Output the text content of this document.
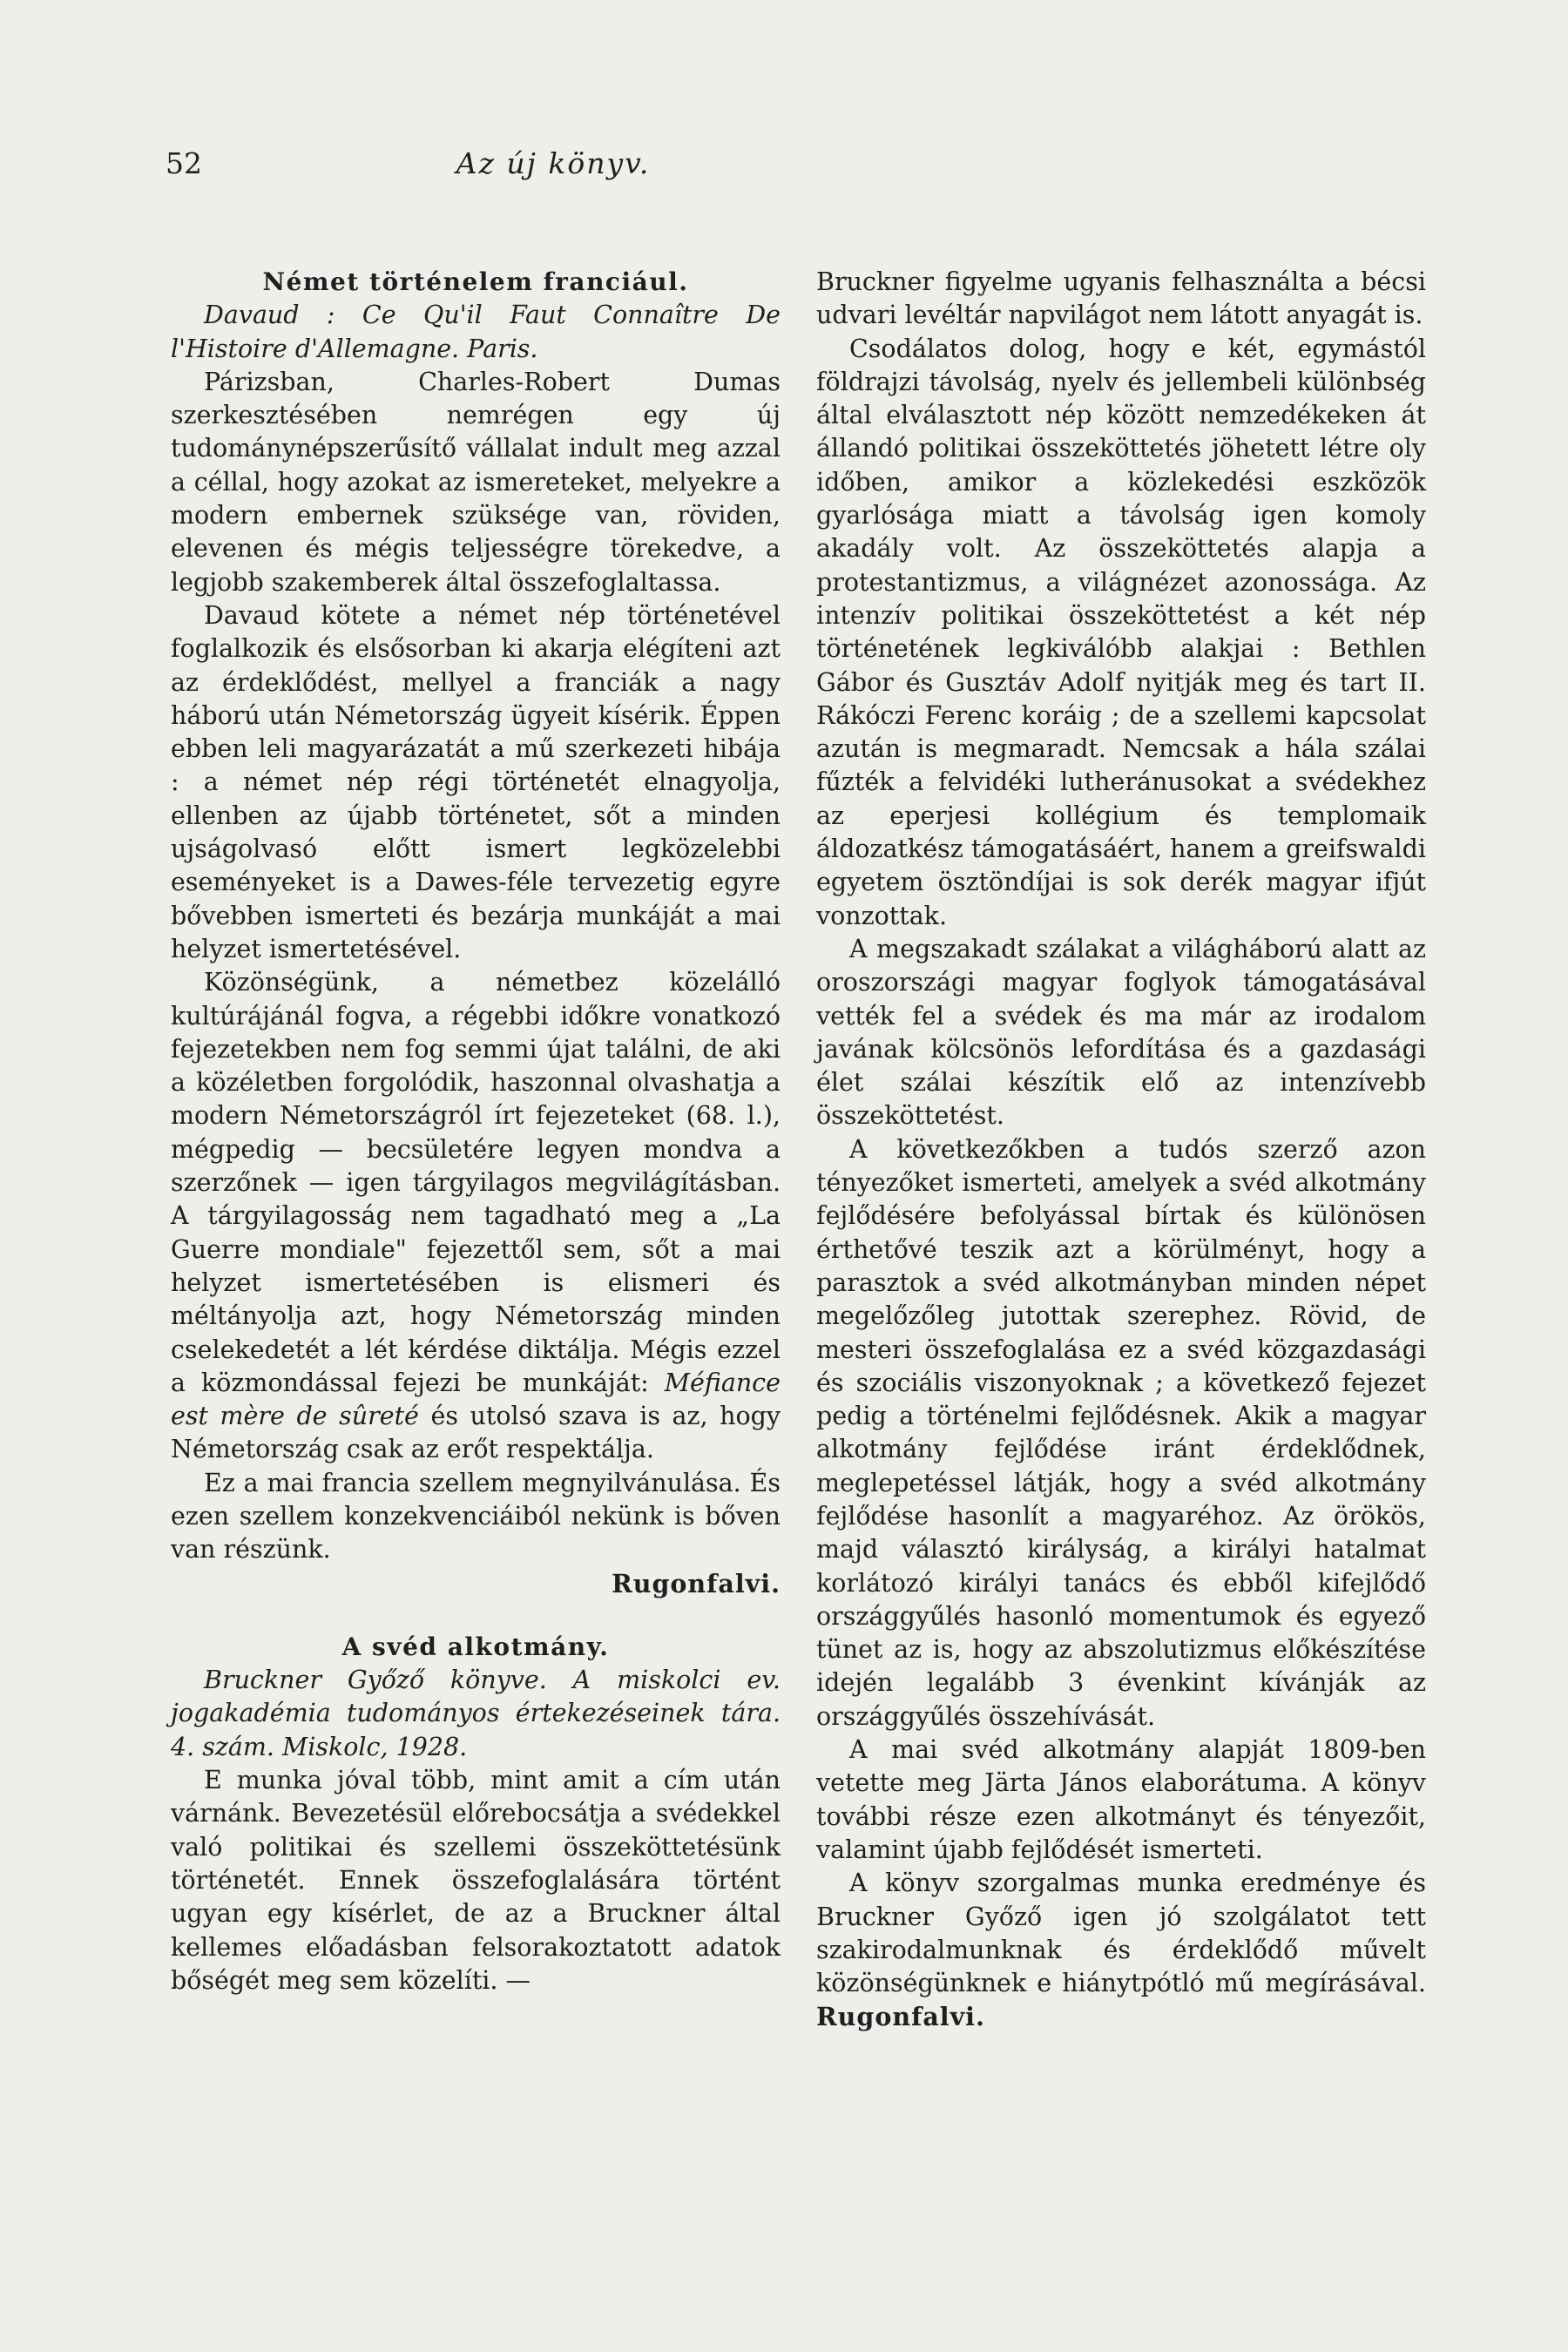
52	Az új könyv.
Német történelem franciául.

Davaud : Ce Qu'il Faut Connaître De l'Histoire d'Allemagne. Paris.

Párizsban, Charles-Robert Dumas szerkesztésében nemrégen egy új tudománynépszerűsítő vállalat indult meg azzal a céllal, hogy azokat az ismereteket, melyekre a modern embernek szüksége van, röviden, elevenen és mégis teljességre törekedve, a legjobb szakemberek által összefoglaltassa.

Davaud kötete a német nép történetével foglalkozik és elsősorban ki akarja elégíteni azt az érdeklődést, mellyel a franciák a nagy háború után Németország ügyeit kísérik. Éppen ebben leli magyarázatát a mű szerkezeti hibája : a német nép régi történetét elnagyolja, ellenben az újabb történetet, sőt a minden ujságolvasó előtt ismert legközelebbi eseményeket is a Dawes-féle tervezetig egyre bővebben ismerteti és bezárja munkáját a mai helyzet ismertetésével.

Közönségünk, a németbez közelálló kultúrájánál fogva, a régebbi időkre vonatkozó fejezetekben nem fog semmi újat találni, de aki a közéletben forgolódik, haszonnal olvashatja a modern Németországról írt fejezeteket (68. l.), mégpedig — becsületére legyen mondva a szerzőnek — igen tárgyilagos megvilágításban. A tárgyilagosság nem tagadható meg a „La Guerre mondiale" fejezettől sem, sőt a mai helyzet ismertetésében is elismeri és méltányolja azt, hogy Németország minden cselekedetét a lét kérdése diktálja. Mégis ezzel a közmondással fejezi be munkáját: Méfiance est mère de sûreté és utolsó szava is az, hogy Németország csak az erőt respektálja.

Ez a mai francia szellem megnyilvánulása. És ezen szellem konzekvenciáiból nekünk is bőven van részünk.

Rugonfalvi.

A svéd alkotmány.

Bruckner Győző könyve. A miskolci ev. jogakadémia tudományos értekezéseinek tára. 4. szám. Miskolc, 1928.

E munka jóval több, mint amit a cím után várnánk. Bevezetésül előrebocsátja a svédekkel való politikai és szellemi összeköttetésünk történetét. Ennek összefoglalására történt ugyan egy kísérlet, de az a Bruckner által kellemes előadásban felsorakoztatott adatok bőségét meg sem közelíti. —

Bruckner figyelme ugyanis felhasználta a bécsi udvari levéltár napvilágot nem látott anyagát is.

Csodálatos dolog, hogy e két, egymástól földrajzi távolság, nyelv és jellembeli különbség által elválasztott nép között nemzedékeken át állandó politikai összeköttetés jöhetett létre oly időben, amikor a közlekedési eszközök gyarlósága miatt a távolság igen komoly akadály volt. Az összeköttetés alapja a protestantizmus, a világnézet azonossága. Az intenzív politikai összeköttetést a két nép történetének legkiválóbb alakjai : Bethlen Gábor és Gusztáv Adolf nyitják meg és tart II. Rákóczi Ferenc koráig ; de a szellemi kapcsolat azután is megmaradt. Nemcsak a hála szálai fűzték a felvidéki lutheránusokat a svédekhez az eperjesi kollégium és templomaik áldozatkész támogatásáért, hanem a greifswaldi egyetem ösztöndíjai is sok derék magyar ifjút vonzottak.

A megszakadt szálakat a világháború alatt az oroszországi magyar foglyok támogatásával vették fel a svédek és ma már az irodalom javának kölcsönös lefordítása és a gazdasági élet szálai készítik elő az intenzívebb összeköttetést.

A következőkben a tudós szerző azon tényezőket ismerteti, amelyek a svéd alkotmány fejlődésére befolyással bírtak és különösen érthetővé teszik azt a körülményt, hogy a parasztok a svéd alkotmányban minden népet megelőzőleg jutottak szerephez. Rövid, de mesteri összefoglalása ez a svéd közgazdasági és szociális viszonyoknak ; a következő fejezet pedig a történelmi fejlődésnek. Akik a magyar alkotmány fejlődése iránt érdeklődnek, meglepetéssel látják, hogy a svéd alkotmány fejlődése hasonlít a magyaréhoz. Az örökös, majd választó királyság, a királyi hatalmat korlátozó királyi tanács és ebből kifejlődő országgyűlés hasonló momentumok és egyező tünet az is, hogy az abszolutizmus előkészítése idején legalább 3 évenkint kívánják az országgyűlés összehívását.

A mai svéd alkotmány alapját 1809-ben vetette meg Järta János elaborátuma. A könyv további része ezen alkotmányt és tényezőit, valamint újabb fejlődését ismerteti.

A könyv szorgalmas munka eredménye és Bruckner Győző igen jó szolgálatot tett szakirodalmunknak és érdeklődő művelt közönségünknek e hiánytpótló mű megírásával. Rugonfalvi.
